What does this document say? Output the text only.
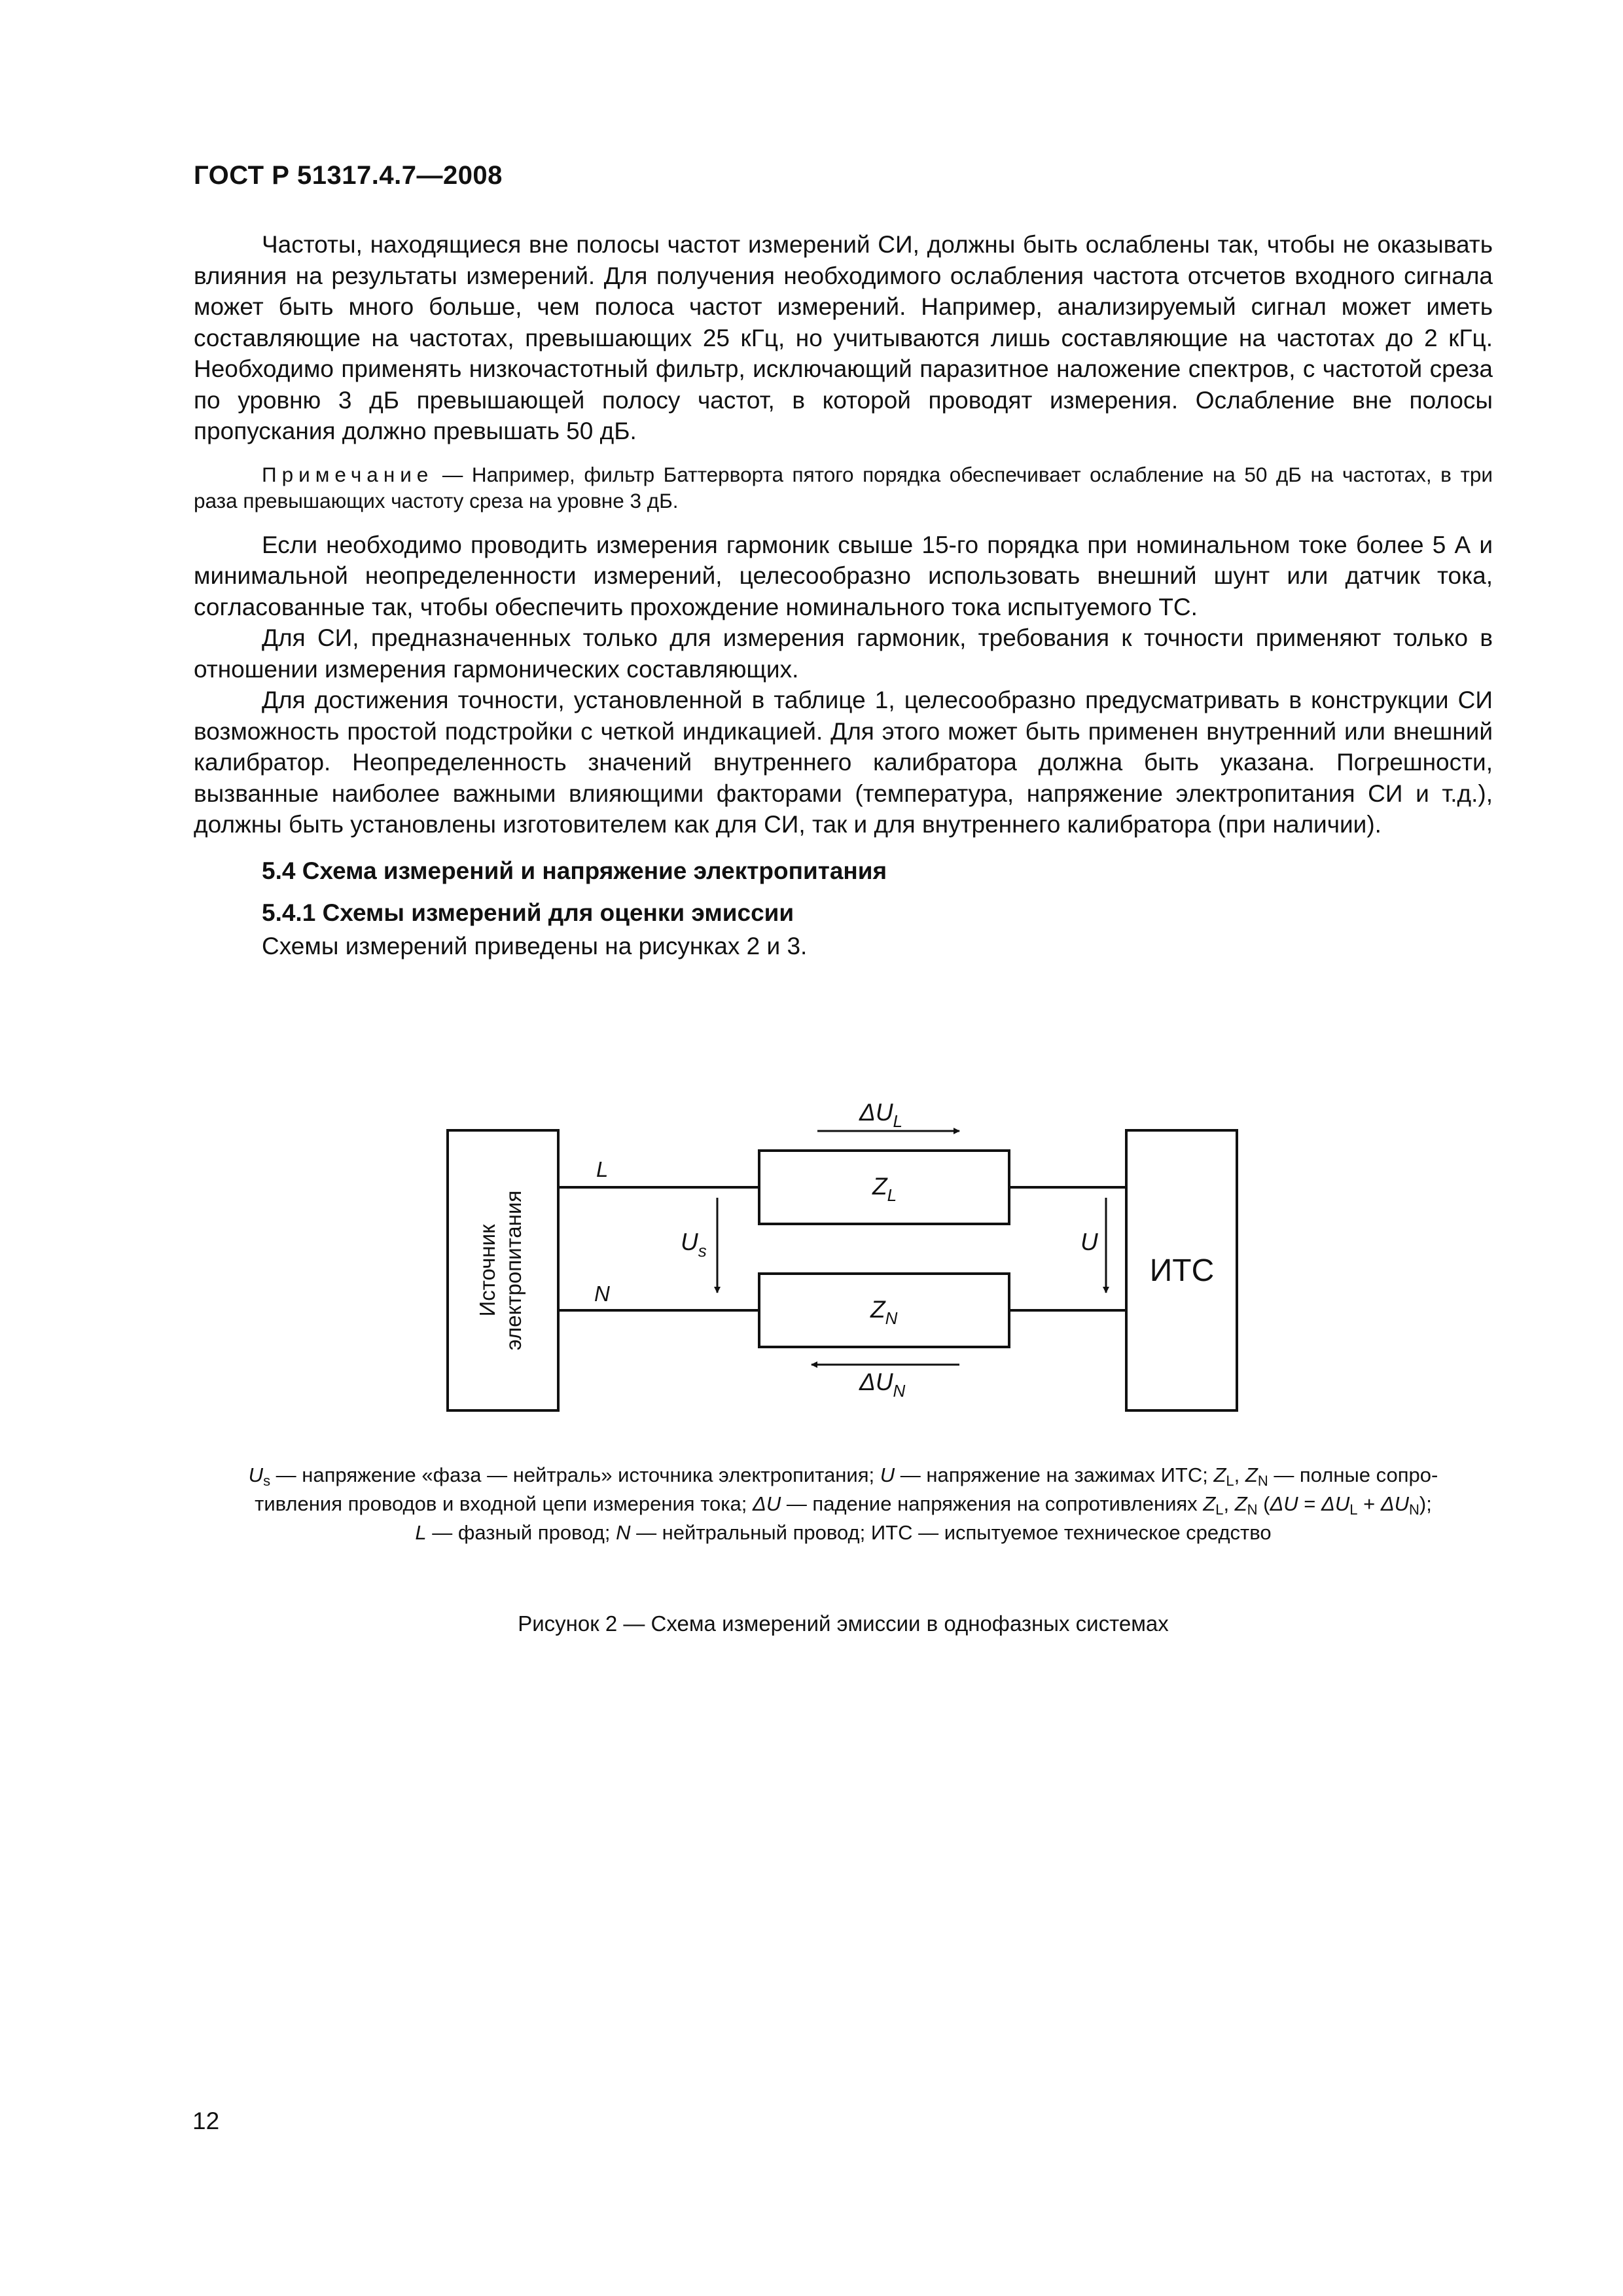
ГОСТ Р 51317.4.7—2008

Частоты, находящиеся вне полосы частот измерений СИ, должны быть ослаблены так, чтобы не оказывать влияния на результаты измерений. Для получения необходимого ослабления частота отсчетов входного сигнала может быть много больше, чем полоса частот измерений. Например, анализируемый сигнал может иметь составляющие на частотах, превышающих 25 кГц, но учитываются лишь составляющие на частотах до 2 кГц. Необходимо применять низкочастотный фильтр, исключающий паразитное наложение спектров, с частотой среза по уровню 3 дБ превышающей полосу частот, в которой проводят измерения. Ослабление вне полосы пропускания должно превышать 50 дБ.

Примечание — Например, фильтр Баттерворта пятого порядка обеспечивает ослабление на 50 дБ на частотах, в три раза превышающих частоту среза на уровне 3 дБ.

Если необходимо проводить измерения гармоник свыше 15-го порядка при номинальном токе более 5 А и минимальной неопределенности измерений, целесообразно использовать внешний шунт или датчик тока, согласованные так, чтобы обеспечить прохождение номинального тока испытуемого ТС.

Для СИ, предназначенных только для измерения гармоник, требования к точности применяют только в отношении измерения гармонических составляющих.

Для достижения точности, установленной в таблице 1, целесообразно предусматривать в конструкции СИ возможность простой подстройки с четкой индикацией. Для этого может быть применен внутренний или внешний калибратор. Неопределенность значений внутреннего калибратора должна быть указана. Погрешности, вызванные наиболее важными влияющими факторами (температура, напряжение электропитания СИ и т.д.), должны быть установлены изготовителем как для СИ, так и для внутреннего калибратора (при наличии).

5.4 Схема измерений и напряжение электропитания
5.4.1 Схемы измерений для оценки эмиссии

Схемы измерений приведены на рисунках 2 и 3.

Источник электропитания	ИТС
L
N
$Z_L$
$Z_N$
$\Delta U_L$
$\Delta U_N$
$U_s$	U
$U_s$ — напряжение «фаза — нейтраль» источника электропитания; U — напряжение на зажимах ИТС; $Z_L$, $Z_N$ — полные сопро-
тивления проводов и входной цепи измерения тока; ΔU — падение напряжения на сопротивлениях $Z_L$, $Z_N$ $(\Delta U = \Delta U_L + \Delta U_N)$;
L — фазный провод; N — нейтральный провод; ИТС — испытуемое техническое средство
Рисунок 2 — Схема измерений эмиссии в однофазных системах
12
